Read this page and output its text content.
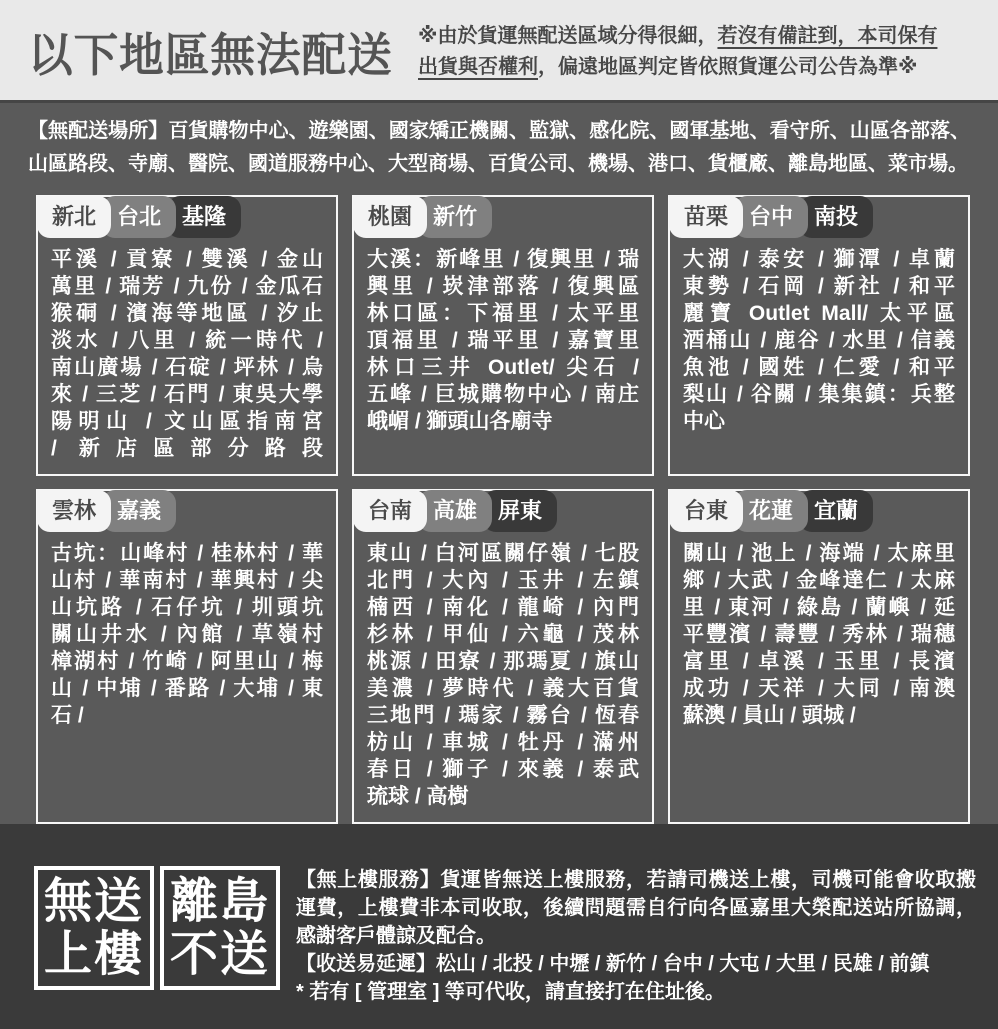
以下地區無法配送 ※由於貨運無配送區域分得很細，若沒有備註到，本司保有
出貨與否權利，偏遠地區判定皆依照貨運公司公告為準※

【無配送場所】百貨購物中心、遊樂園、國家矯正機關、監獄、感化院、國軍基地、看守所、山區各部落、山區路段、寺廟、醫院、國道服務中心、大型商場、百貨公司、機場、港口、貨櫃廠、離島地區、菜市場。

新北 台北 基隆
平溪 / 貢寮 / 雙溪 / 金山
萬里 / 瑞芳 / 九份 / 金瓜石
猴硐 / 濱海等地區 / 汐止
淡水 / 八里 / 統一時代 /
南山廣場 / 石碇 / 坪林 / 烏
來 / 三芝 / 石門 / 東吳大學
陽明山 / 文山區指南宮
/ 新店區部分路段
桃園 新竹
大溪：新峰里 / 復興里 / 瑞
興里 / 崁津部落 / 復興區
林口區：下福里 / 太平里
頂福里 / 瑞平里 / 嘉寶里
林口三井 Outlet/ 尖石 /
五峰 / 巨城購物中心 / 南庄
峨嵋 / 獅頭山各廟寺
苗栗 台中 南投
大湖 / 泰安 / 獅潭 / 卓蘭
東勢 / 石岡 / 新社 / 和平
麗寶 Outlet Mall/ 太平區
酒桶山 / 鹿谷 / 水里 / 信義
魚池 / 國姓 / 仁愛 / 和平
梨山 / 谷關 / 集集鎮：兵整
中心
雲林 嘉義
古坑：山峰村 / 桂林村 / 華
山村 / 華南村 / 華興村 / 尖
山坑路 / 石仔坑 / 圳頭坑
關山井水 / 內館 / 草嶺村
樟湖村 / 竹崎 / 阿里山 / 梅
山 / 中埔 / 番路 / 大埔 / 東
石 /
台南 高雄 屏東
東山 / 白河區關仔嶺 / 七股
北門 / 大內 / 玉井 / 左鎮
楠西 / 南化 / 龍崎 / 內門
杉林 / 甲仙 / 六龜 / 茂林
桃源 / 田寮 / 那瑪夏 / 旗山
美濃 / 夢時代 / 義大百貨
三地門 / 瑪家 / 霧台 / 恆春
枋山 / 車城 / 牡丹 / 滿州
春日 / 獅子 / 來義 / 泰武
琉球 / 高樹
台東 花蓮 宜蘭
關山 / 池上 / 海端 / 太麻里
鄉 / 大武 / 金峰達仁 / 太麻
里 / 東河 / 綠島 / 蘭嶼 / 延
平豐濱 / 壽豐 / 秀林 / 瑞穗
富里 / 卓溪 / 玉里 / 長濱
成功 / 天祥 / 大同 / 南澳
蘇澳 / 員山 / 頭城 /
無送
上樓
離島
不送

【無上樓服務】貨運皆無送上樓服務，若請司機送上樓，司機可能會收取搬運費，上樓費非本司收取，後續問題需自行向各區嘉里大榮配送站所協調，感謝客戶體諒及配合。

【收送易延遲】松山 / 北投 / 中壢 / 新竹 / 台中 / 大屯 / 大里 / 民雄 / 前鎮

* 若有 [ 管理室 ] 等可代收，請直接打在住址後。
